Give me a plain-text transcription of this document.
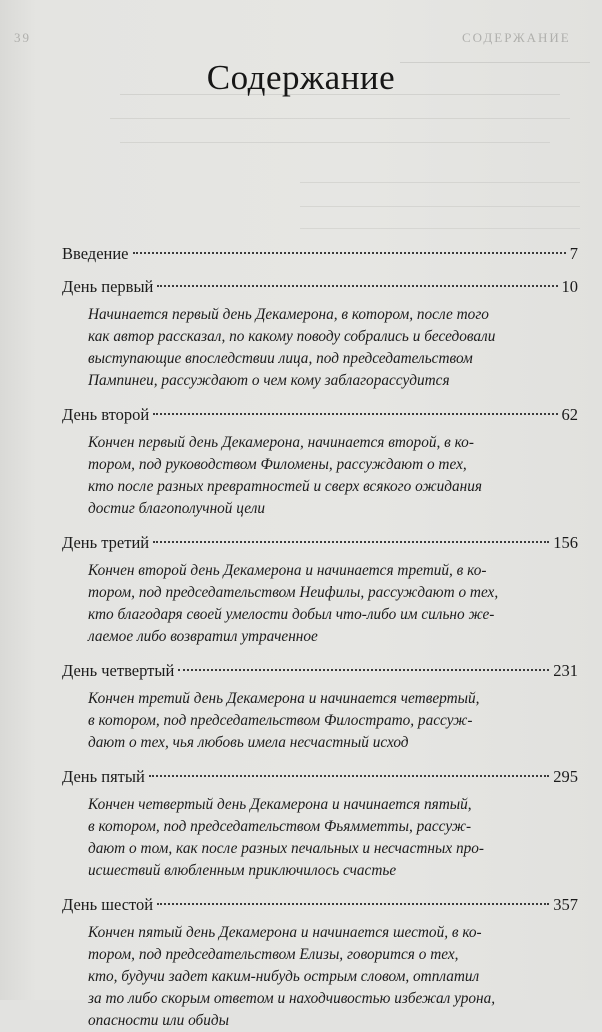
СОДЕРЖАНИЕ
39
Содержание
Введение	7
День первый	10
Начинается первый день Декамерона, в котором, после того
как автор рассказал, по какому поводу собрались и беседовали
выступающие впоследствии лица, под председательством
Пампинеи, рассуждают о чем кому заблагорассудится
День второй	62
Кончен первый день Декамерона, начинается второй, в ко-
тором, под руководством Филомены, рассуждают о тех,
кто после разных превратностей и сверх всякого ожидания
достиг благополучной цели
День третий	156
Кончен второй день Декамерона и начинается третий, в ко-
тором, под председательством Неифилы, рассуждают о тех,
кто благодаря своей умелости добыл что-либо им сильно же-
лаемое либо возвратил утраченное
День четвертый	231
Кончен третий день Декамерона и начинается четвертый,
в котором, под председательством Филострато, рассуж-
дают о тех, чья любовь имела несчастный исход
День пятый	295
Кончен четвертый день Декамерона и начинается пятый,
в котором, под председательством Фьямметты, рассуж-
дают о том, как после разных печальных и несчастных про-
исшествий влюбленным приключилось счастье
День шестой	357
Кончен пятый день Декамерона и начинается шестой, в ко-
тором, под председательством Елизы, говорится о тех,
кто, будучи задет каким-нибудь острым словом, отплатил
за то либо скорым ответом и находчивостью избежал урона,
опасности или обиды
